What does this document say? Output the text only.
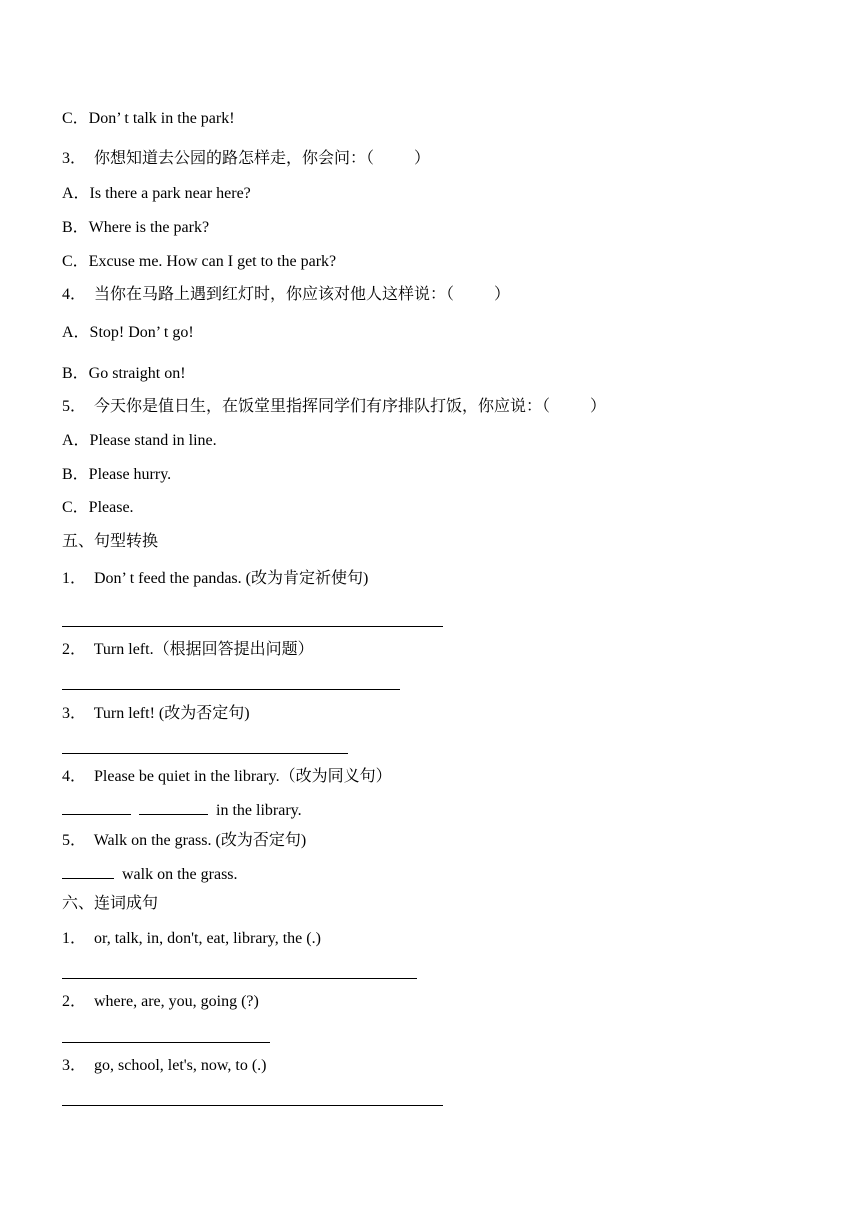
C．Don’ t talk in the park!
3．  你想知道去公园的路怎样走，你会问：（          ）
A．Is there a park near here?
B．Where is the park?
C．Excuse me. How can I get to the park?
4．  当你在马路上遇到红灯时，你应该对他人这样说：（          ）
A．Stop! Don’ t go!
B．Go straight on!
5．  今天你是值日生，在饭堂里指挥同学们有序排队打饭，你应说：（          ）
A．Please stand in line.
B．Please hurry.
C．Please.
五、句型转换
1．  Don’ t feed the pandas. (改为肯定祈使句)
2．  Turn left.（根据回答提出问题）
3．  Turn left! (改为否定句)
4．  Please be quiet in the library.（改为同义句）
in the library.
5．  Walk on the grass. (改为否定句)
walk on the grass.
六、连词成句
1．  or, talk, in, don't, eat, library, the (.)
2．  where, are, you, going (?)
3．  go, school, let's, now, to (.)
